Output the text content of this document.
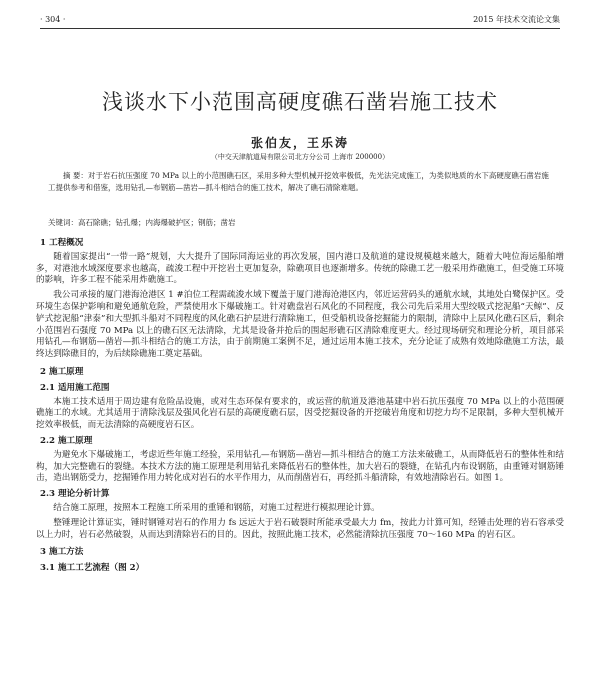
· 304 ·	2015 年技术交流论文集
浅谈水下小范围高硬度礁石凿岩施工技术
张伯友，王乐涛
（中交天津航道局有限公司北方分公司 上海市 200000）

摘 要：对于岩石抗压强度 70 MPa 以上的小范围礁石区，采用多种大型机械开挖效率极低，先光法完成施工，为类似地质的水下高硬度礁石凿岩施工提供参考和借鉴，选用钻孔—布钢筋—凿岩—抓斗相结合的施工技术，解决了礁石清除难题。

关键词：高石除礁；钻孔爆；内海爆破护区；钢筋；凿岩
1 工程概况
随着国家提出“一带一路”规划，大大提升了国际同海运业的再次发展，国内港口及航道的建设规模越来越大，随着大吨位海运船舶增多，对港池水域深度要求也越高，疏浚工程中开挖岩土更加复杂，除礁项目也逐渐增多。传统的除礁工艺一般采用炸礁施工，但受施工环境的影响，许多工程不能采用炸礁施工。
我公司承接的厦门港海沧港区 1 #泊位工程需疏浚水域下覆盖于厦门港海沧港区内，邻近运营码头的通航水域，其地处白鹭保护区。受环境生态保护影响和避免通航危险，严禁使用水下爆破施工。针对礁盘岩石风化的不同程度，我公司先后采用大型绞吸式挖泥船“天鲸”、反铲式挖泥船“津泰”和大型抓斗船对不同程度的风化礁石护层进行清除施工，但受船机设备挖掘能力的限制，清除中上层风化礁石区后，剩余小范围岩石强度 70 MPa 以上的礁石区无法清除，尤其是设备并抢后的围起形礁石区清除难度更大。经过现场研究和理论分析，项目部采用钻孔—布钢筋—凿岩—抓斗相结合的施工方法，由于前期施工案例不足，通过运用本施工技术，充分论证了成熟有效地除礁施工方法，最终达到除礁目的，为后续除礁施工奠定基础。
2 施工原理
2.1 适用施工范围
本施工技术适用于周边建有危险品设施，或对生态环保有要求的，或运营的航道及港池基建中岩石抗压强度 70 MPa 以上的小范围硬礁施工的水域。尤其适用于清除浅层及强风化岩石层的高硬度礁石层，因受挖掘设备的开挖破岩角度和切挖力均不足限制，多种大型机械开挖效率极低，而无法清除的高硬度岩石区。
2.2 施工原理
为避免水下爆破施工，考虑近些年施工经验，采用钻孔—布钢筋—凿岩—抓斗相结合的施工方法来破礁工，从而降低岩石的整体性和结构，加大完整礁石的裂缝。本技术方法的施工原理是利用钻孔来降低岩石的整体性，加大岩石的裂缝，在钻孔内布设钢筋，由重锤对钢筋锤击，造出钢筋受力，挖掘锤作用力转化成对岩石的水平作用力，从而削凿岩石，再经抓斗船清除，有效地清除岩石。如图 1。
2.3 理论分析计算
结合施工原理，按照本工程施工所采用的重锤和钢筋，对施工过程进行模拟理论计算。
整锤理论计算证实，锤时钢锤对岩石的作用力 fs 远远大于岩石破裂时所能承受最大力 fm，按此力计算可知，经锤击处理的岩石容承受以上力时，岩石必然破裂，从而达到清除岩石的目的。因此，按照此施工技术，必然能清除抗压强度 70～160 MPa 的岩石区。
3 施工方法
3.1 施工工艺流程（图 2）
